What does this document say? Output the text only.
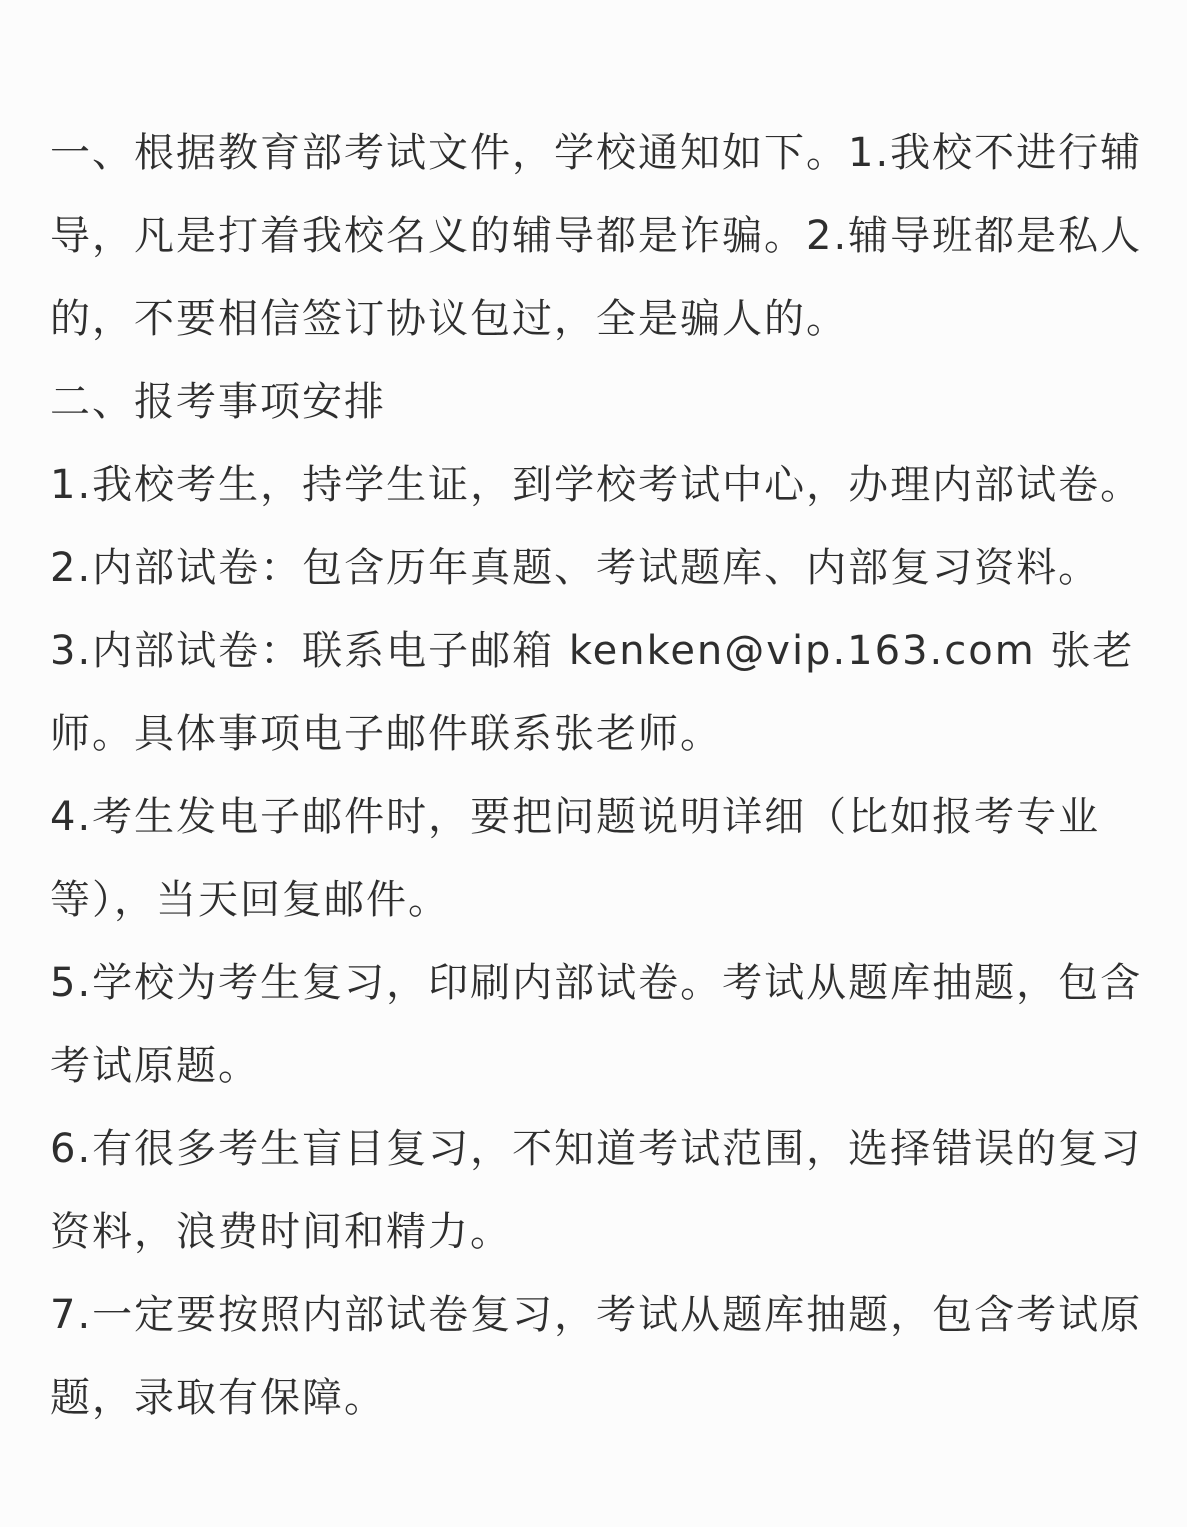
一、根据教育部考试文件，学校通知如下。1.我校不进行辅
导，凡是打着我校名义的辅导都是诈骗。2.辅导班都是私人
的，不要相信签订协议包过，全是骗人的。
二、报考事项安排
1.我校考生，持学生证，到学校考试中心，办理内部试卷。
2.内部试卷：包含历年真题、考试题库、内部复习资料。
3.内部试卷：联系电子邮箱 kenken@vip.163.com 张老
师。具体事项电子邮件联系张老师。
4.考生发电子邮件时，要把问题说明详细（比如报考专业
等），当天回复邮件。
5.学校为考生复习，印刷内部试卷。考试从题库抽题，包含
考试原题。
6.有很多考生盲目复习，不知道考试范围，选择错误的复习
资料，浪费时间和精力。
7.一定要按照内部试卷复习，考试从题库抽题，包含考试原
题，录取有保障。
